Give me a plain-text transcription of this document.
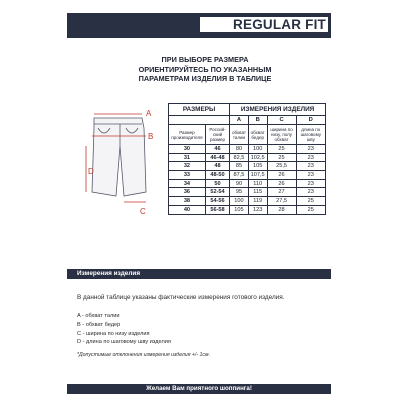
REGULAR FIT
ПРИ ВЫБОРЕ РАЗМЕРА
ОРИЕНТИРУЙТЕСЬ ПО УКАЗАННЫМ
ПАРАМЕТРАМ ИЗДЕЛИЯ В ТАБЛИЦЕ
A
B
C
D
РАЗМЕРЫ		ИЗМЕРЕНИЯ ИЗДЕЛИЯ			
		A	B	C	D
Размер производителя	Россий-ский размер	обхват талии	обхват бедер	ширина по низу, полу обхват	длина по шаговому шву
30	46	80	100	25	23
31	46-48	82,5	102,5	25	23
32	48	85	105	25,5	23
33	48-50	87,5	107,5	26	23
34	50	90	110	26	23
36	52-54	95	115	27	23
38	54-56	100	119	27,5	25
40	56-58	105	123	28	25
Измерения изделия
В данной таблице указаны фактические измерения готового изделия.
A - обхват талии
B - обхват бедер
C - ширина по низу изделия
D - длина по шаговому шву изделия
*Допустимые отклонения измерения изделия +/- 1см.
Желаем Вам приятного шоппинга!
